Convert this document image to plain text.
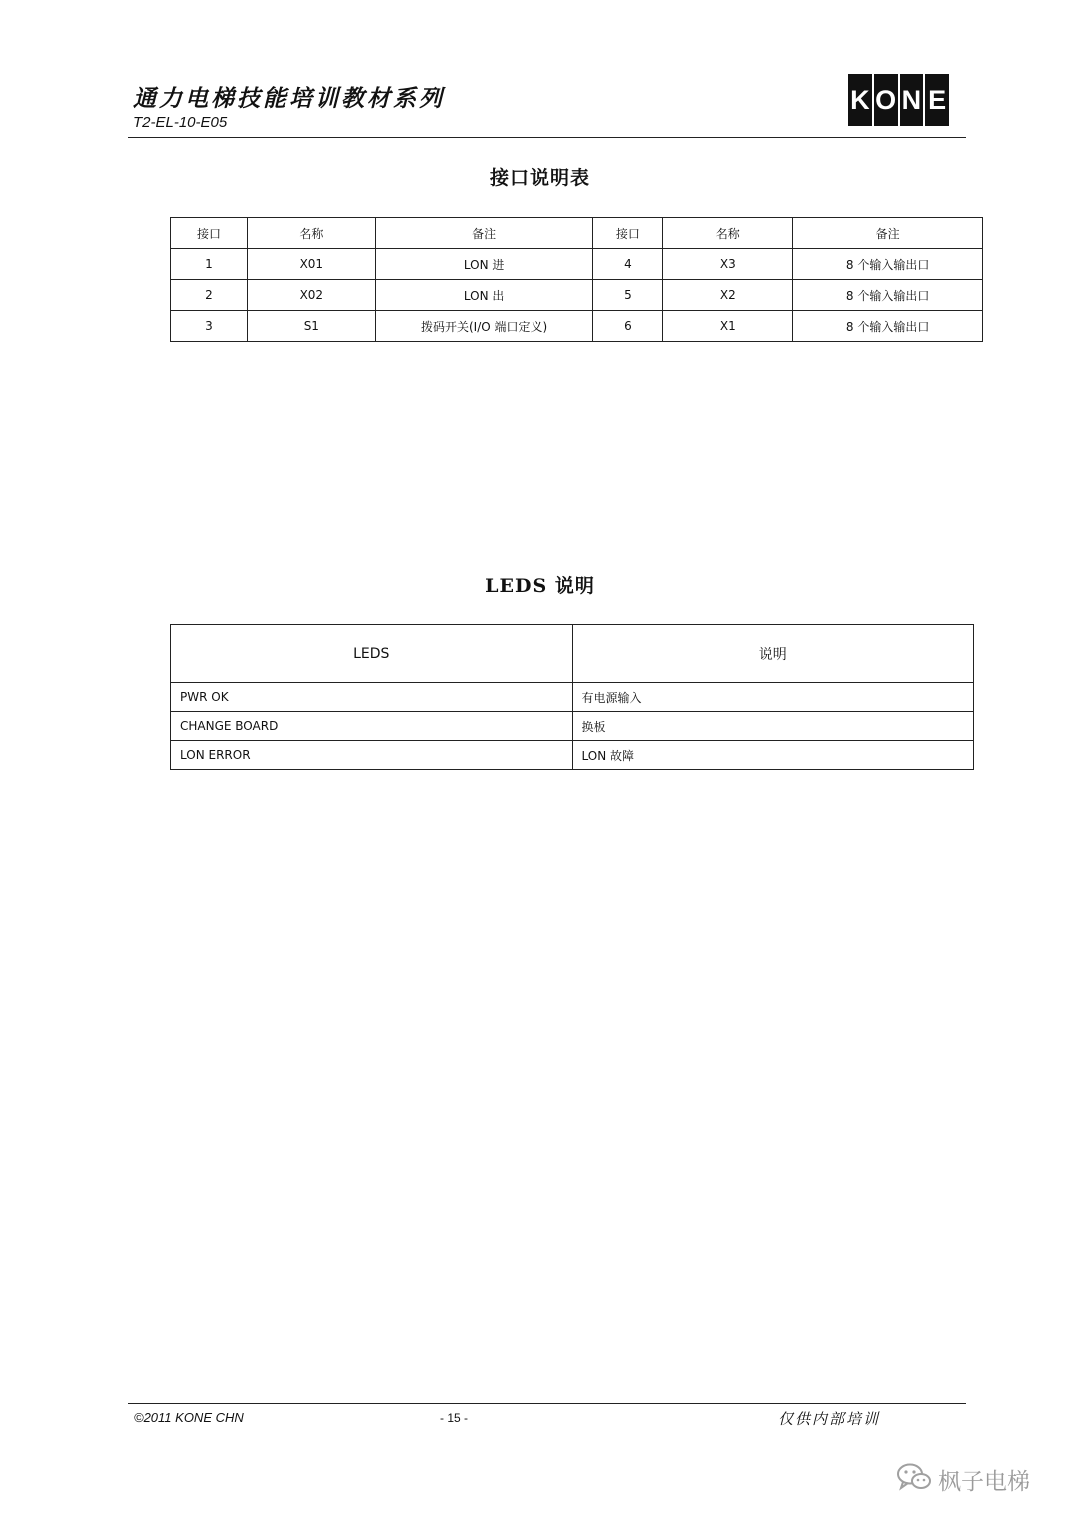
通力电梯技能培训教材系列
T2-EL-10-E05
K O N E
接口说明表
接口	名称	备注	接口	名称	备注
1	X01	LON 进	4	X3	8 个输入输出口
2	X02	LON 出	5	X2	8 个输入输出口
3	S1	拨码开关(I/O 端口定义)	6	X1	8 个输入输出口
LEDS 说明
LEDS	说明
PWR OK	有电源输入
CHANGE BOARD	换板
LON ERROR	LON 故障
©2011 KONE CHN	- 15 -	仅供内部培训
枫子电梯
